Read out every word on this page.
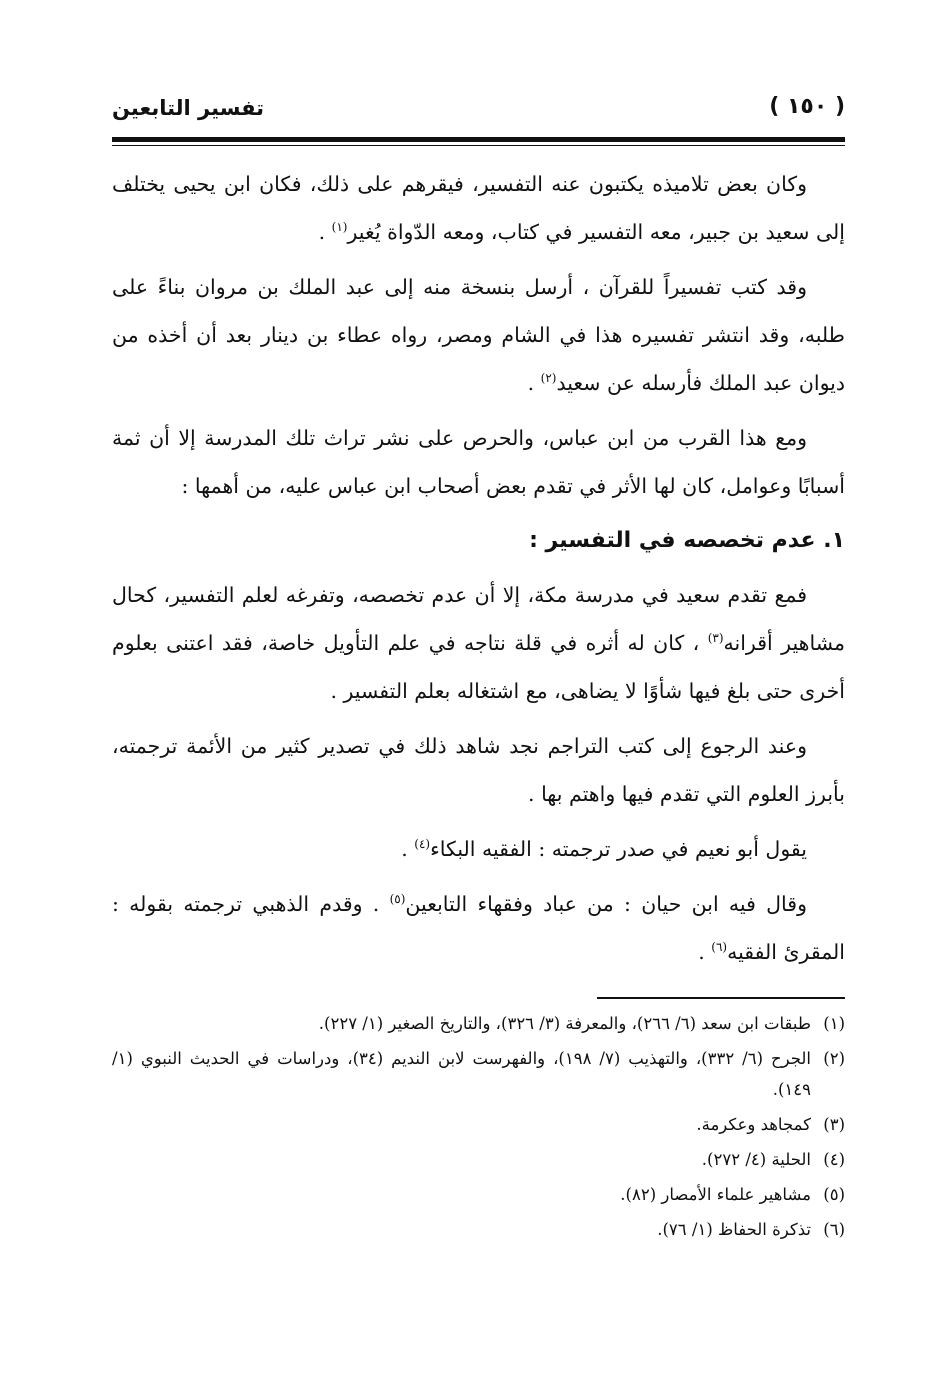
( ١٥٠ )
تفسير التابعين

وكان بعض تلاميذه يكتبون عنه التفسير، فيقرهم على ذلك، فكان ابن يحيى يختلف إلى سعيد بن جبير، معه التفسير في كتاب، ومعه الدّواة يُغير$^{(١)}$ .

وقد كتب تفسيراً للقرآن ، أرسل بنسخة منه إلى عبد الملك بن مروان بناءً على طلبه، وقد انتشر تفسيره هذا في الشام ومصر، رواه عطاء بن دينار بعد أن أخذه من ديوان عبد الملك فأرسله عن سعيد$^{(٢)}$ .

ومع هذا القرب من ابن عباس، والحرص على نشر تراث تلك المدرسة إلا أن ثمة أسبابًا وعوامل، كان لها الأثر في تقدم بعض أصحاب ابن عباس عليه، من أهمها :

١. عدم تخصصه في التفسير :

فمع تقدم سعيد في مدرسة مكة، إلا أن عدم تخصصه، وتفرغه لعلم التفسير، كحال مشاهير أقرانه$^{(٣)}$ ، كان له أثره في قلة نتاجه في علم التأويل خاصة، فقد اعتنى بعلوم أخرى حتى بلغ فيها شأوًا لا يضاهى، مع اشتغاله بعلم التفسير .

وعند الرجوع إلى كتب التراجم نجد شاهد ذلك في تصدير كثير من الأئمة ترجمته، بأبرز العلوم التي تقدم فيها واهتم بها .

يقول أبو نعيم في صدر ترجمته : الفقيه البكاء$^{(٤)}$ .

وقال فيه ابن حيان : من عباد وفقهاء التابعين$^{(٥)}$ . وقدم الذهبي ترجمته بقوله : المقرئ الفقيه$^{(٦)}$ .

(١)
طبقات ابن سعد (٦/ ٢٦٦)، والمعرفة (٣/ ٣٢٦)، والتاريخ الصغير (١/ ٢٢٧).
(٢)
الجرح (٦/ ٣٣٢)، والتهذيب (٧/ ١٩٨)، والفهرست لابن النديم (٣٤)، ودراسات في الحديث النبوي (١/ ١٤٩).
(٣)
كمجاهد وعكرمة.
(٤)
الحلية (٤/ ٢٧٢).
(٥)
مشاهير علماء الأمصار (٨٢).
(٦)
تذكرة الحفاظ (١/ ٧٦).
